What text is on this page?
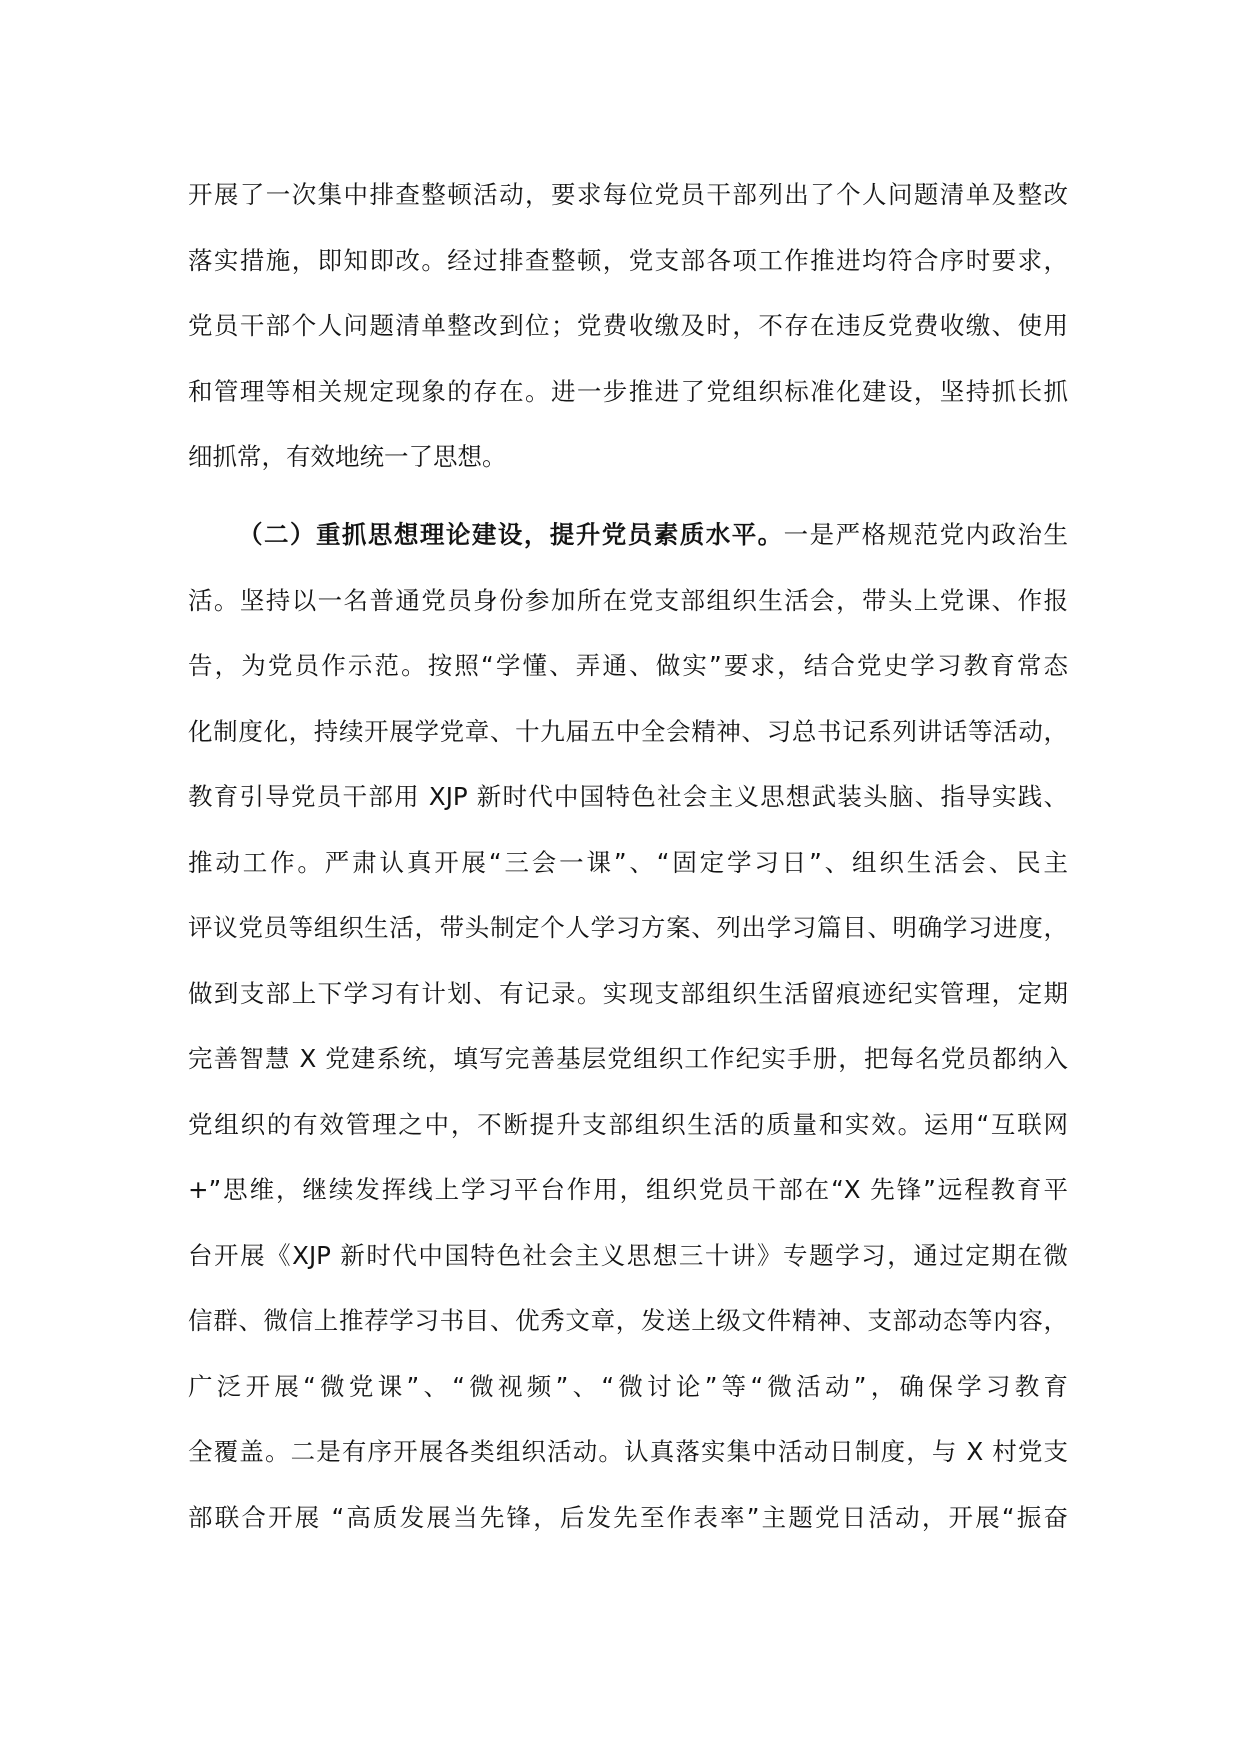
开展了一次集中排查整顿活动，要求每位党员干部列出了个人问题清单及整改
落实措施，即知即改。经过排查整顿，党支部各项工作推进均符合序时要求，
党员干部个人问题清单整改到位；党费收缴及时，不存在违反党费收缴、使用
和管理等相关规定现象的存在。进一步推进了党组织标准化建设，坚持抓长抓
细抓常，有效地统一了思想。
（二）重抓思想理论建设，提升党员素质水平。一是严格规范党内政治生
活。坚持以一名普通党员身份参加所在党支部组织生活会，带头上党课、作报
告，为党员作示范。按照“学懂、弄通、做实”要求，结合党史学习教育常态
化制度化，持续开展学党章、十九届五中全会精神、习总书记系列讲话等活动，
教育引导党员干部用 XJP 新时代中国特色社会主义思想武装头脑、指导实践、
推动工作。严肃认真开展“三会一课”、“固定学习日”、组织生活会、民主
评议党员等组织生活，带头制定个人学习方案、列出学习篇目、明确学习进度，
做到支部上下学习有计划、有记录。实现支部组织生活留痕迹纪实管理，定期
完善智慧 X 党建系统，填写完善基层党组织工作纪实手册，把每名党员都纳入
党组织的有效管理之中，不断提升支部组织生活的质量和实效。运用“互联网
+”思维，继续发挥线上学习平台作用，组织党员干部在“X 先锋”远程教育平
台开展《XJP 新时代中国特色社会主义思想三十讲》专题学习，通过定期在微
信群、微信上推荐学习书目、优秀文章，发送上级文件精神、支部动态等内容，
广泛开展“微党课”、“微视频”、“微讨论”等“微活动”，确保学习教育
全覆盖。二是有序开展各类组织活动。认真落实集中活动日制度，与 X 村党支
部联合开展 “高质发展当先锋，后发先至作表率”主题党日活动，开展“振奋
